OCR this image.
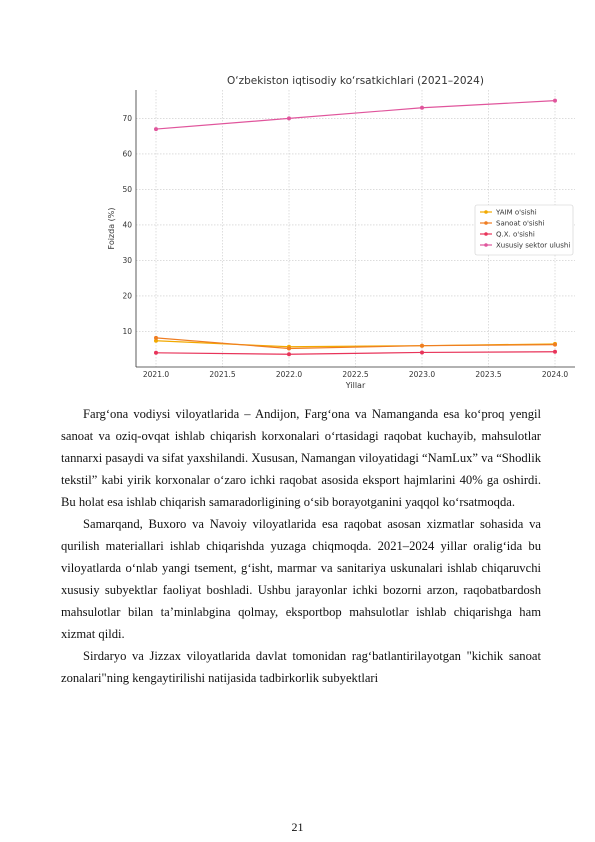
O‘zbekiston iqtisodiy ko‘rsatkichlari (2021–2024)
10
20
30
40
50
60
70
2021.0	2021.5	2022.0	2022.5	2023.0	2023.5	2024.0
Yillar
Foizda (%)	YAIM o'sishi
Sanoat o'sishi
Q.X. o'sishi
Xususiy sektor ulushi

Farg‘ona vodiysi viloyatlarida – Andijon, Farg‘ona va Namanganda esa ko‘proq yengil sanoat va oziq-ovqat ishlab chiqarish korxonalari o‘rtasidagi raqobat kuchayib, mahsulotlar tannarxi pasaydi va sifat yaxshilandi. Xususan, Namangan viloyatidagi “NamLux” va “Shodlik tekstil” kabi yirik korxonalar o‘zaro ichki raqobat asosida eksport hajmlarini 40% ga oshirdi. Bu holat esa ishlab chiqarish samaradorligining o‘sib borayotganini yaqqol ko‘rsatmoqda.

Samarqand, Buxoro va Navoiy viloyatlarida esa raqobat asosan xizmatlar sohasida va qurilish materiallari ishlab chiqarishda yuzaga chiqmoqda. 2021–2024 yillar oralig‘ida bu viloyatlarda o‘nlab yangi tsement, g‘isht, marmar va sanitariya uskunalari ishlab chiqaruvchi xususiy subyektlar faoliyat boshladi. Ushbu jarayonlar ichki bozorni arzon, raqobatbardosh mahsulotlar bilan ta’minlabgina qolmay, eksportbop mahsulotlar ishlab chiqarishga ham xizmat qildi.

Sirdaryo va Jizzax viloyatlarida davlat tomonidan rag‘batlantirilayotgan "kichik sanoat zonalari"ning kengaytirilishi natijasida tadbirkorlik subyektlari

21
